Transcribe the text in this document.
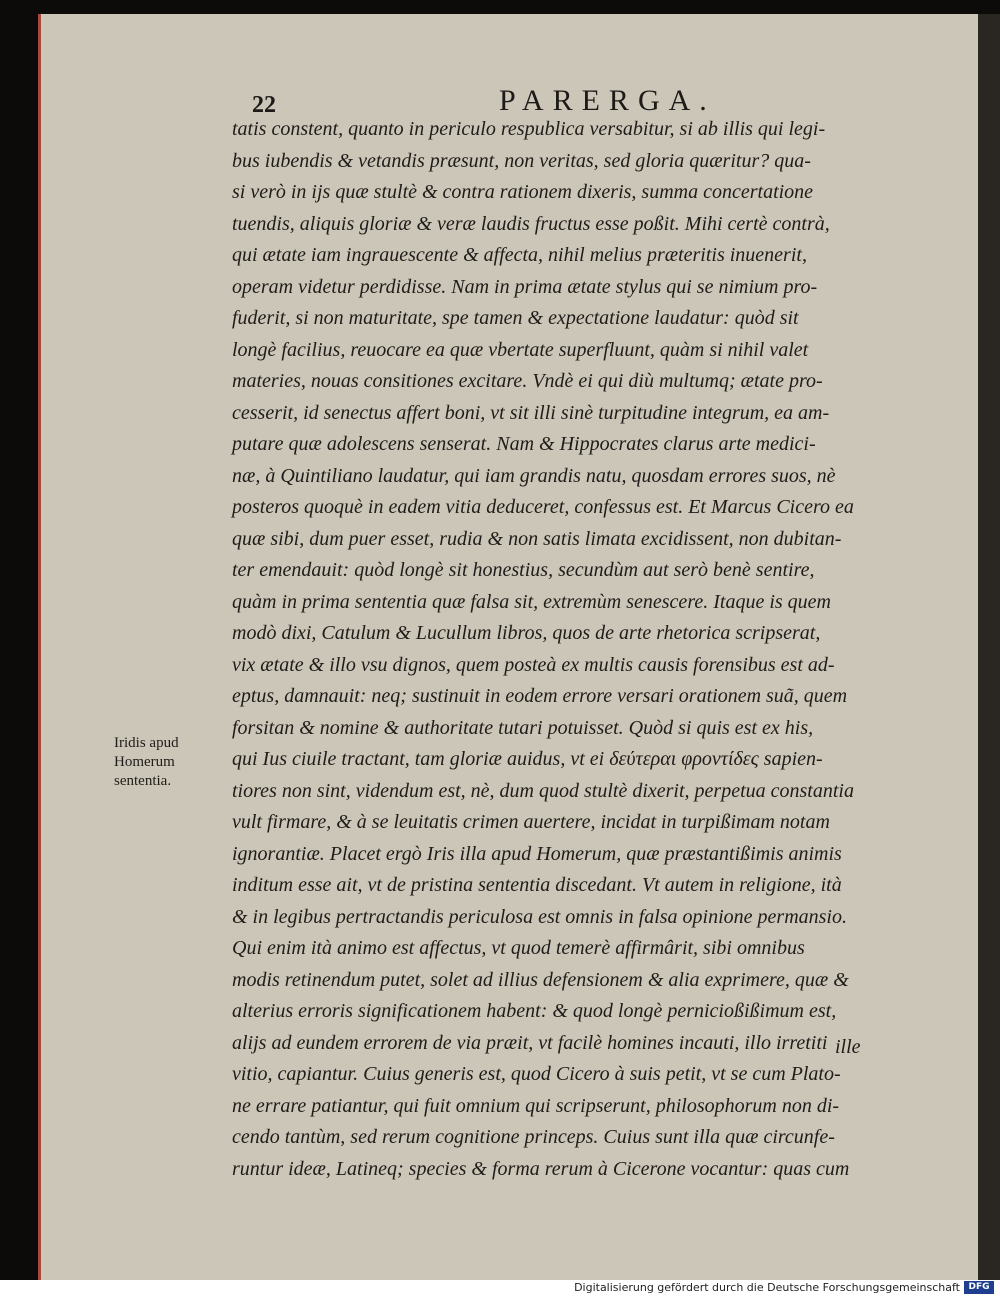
22	PARERGA.
Iridis apud
Homerum
sententia.
tatis constent, quanto in periculo respublica versabitur, si ab illis qui legi-
bus iubendis & vetandis præsunt, non veritas, sed gloria quæritur? qua-
si verò in ijs quæ stultè & contra rationem dixeris, summa concertatione
tuendis, aliquis gloriæ & veræ laudis fructus esse poßit. Mihi certè contrà,
qui ætate iam ingrauescente & affecta, nihil melius præteritis inuenerit,
operam videtur perdidisse. Nam in prima ætate stylus qui se nimium pro-
fuderit, si non maturitate, spe tamen & expectatione laudatur: quòd sit
longè facilius, reuocare ea quæ vbertate superfluunt, quàm si nihil valet
materies, nouas consitiones excitare. Vndè ei qui diù multumq; ætate pro-
cesserit, id senectus affert boni, vt sit illi sinè turpitudine integrum, ea am-
putare quæ adolescens senserat. Nam & Hippocrates clarus arte medici-
næ, à Quintiliano laudatur, qui iam grandis natu, quosdam errores suos, nè
posteros quoquè in eadem vitia deduceret, confessus est. Et Marcus Cicero ea
quæ sibi, dum puer esset, rudia & non satis limata excidissent, non dubitan-
ter emendauit: quòd longè sit honestius, secundùm aut serò benè sentire,
quàm in prima sententia quæ falsa sit, extremùm senescere. Itaque is quem
modò dixi, Catulum & Lucullum libros, quos de arte rhetorica scripserat,
vix ætate & illo vsu dignos, quem posteà ex multis causis forensibus est ad-
eptus, damnauit: neq; sustinuit in eodem errore versari orationem suã, quem
forsitan & nomine & authoritate tutari potuisset. Quòd si quis est ex his,
qui Ius ciuile tractant, tam gloriæ auidus, vt ei δεύτεραι φροντίδες sapien-
tiores non sint, videndum est, nè, dum quod stultè dixerit, perpetua constantia
vult firmare, & à se leuitatis crimen auertere, incidat in turpißimam notam
ignorantiæ. Placet ergò Iris illa apud Homerum, quæ præstantißimis animis
inditum esse ait, vt de pristina sententia discedant. Vt autem in religione, ità
& in legibus pertractandis periculosa est omnis in falsa opinione permansio.
Qui enim ità animo est affectus, vt quod temerè affirmârit, sibi omnibus
modis retinendum putet, solet ad illius defensionem & alia exprimere, quæ &
alterius erroris significationem habent: & quod longè pernicioßißimum est,
alijs ad eundem errorem de via præit, vt facilè homines incauti, illo irretiti
vitio, capiantur. Cuius generis est, quod Cicero à suis petit, vt se cum Plato-
ne errare patiantur, qui fuit omnium qui scripserunt, philosophorum non di-
cendo tantùm, sed rerum cognitione princeps. Cuius sunt illa quæ circunfe-
runtur ideæ, Latineq; species & forma rerum à Cicerone vocantur: quas cum
ille
Digitalisierung gefördert durch die Deutsche Forschungsgemeinschaft DFG
